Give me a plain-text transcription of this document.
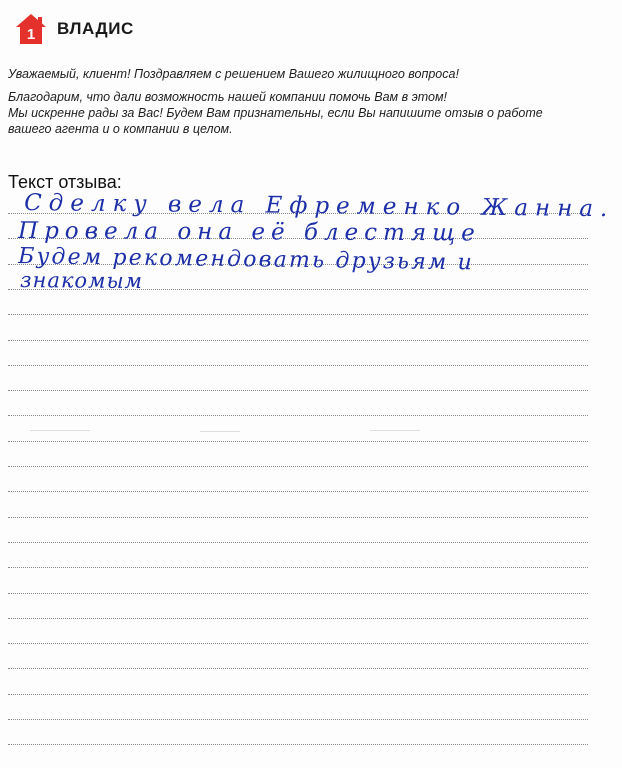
1 ВЛАДИС

Уважаемый, клиент! Поздравляем с решением Вашего жилищного вопроса!

Благодарим, что дали возможность нашей компании помочь Вам в этом!

Мы искренне рады за Вас! Будем Вам признательны, если Вы напишите отзыв о работе

вашего агента и о компании в целом.

Текст отзыва:
Сделку вела Ефременко Жанна.
Провела она её блестяще
Будем рекомендовать друзьям и
знакомым
